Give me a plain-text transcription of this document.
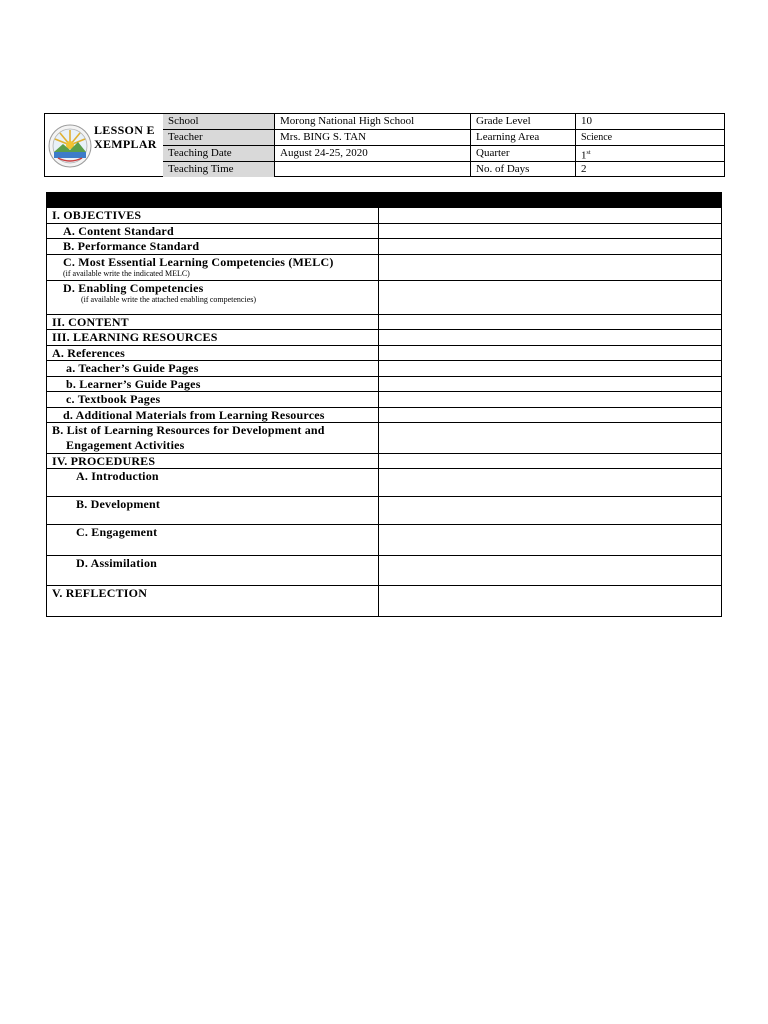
LESSON EXEMPLAR
School
Teacher
Teaching Date
Teaching Time
Morong National High School
Mrs. BING S. TAN
August 24-25, 2020
Grade Level
Learning Area
Quarter
No. of Days
10
Science
1st
2
I. OBJECTIVES
A. Content Standard
B. Performance Standard
C. Most Essential Learning Competencies (MELC)
(if available write the indicated MELC)
D. Enabling Competencies
(if available write the attached enabling competencies)
II. CONTENT
III. LEARNING RESOURCES
A. References
a. Teacher’s Guide Pages
b. Learner’s Guide Pages
c. Textbook Pages
d. Additional Materials from Learning Resources
B. List of Learning Resources for Development and
Engagement Activities
IV. PROCEDURES
A. Introduction
B. Development
C. Engagement
D. Assimilation
V. REFLECTION
